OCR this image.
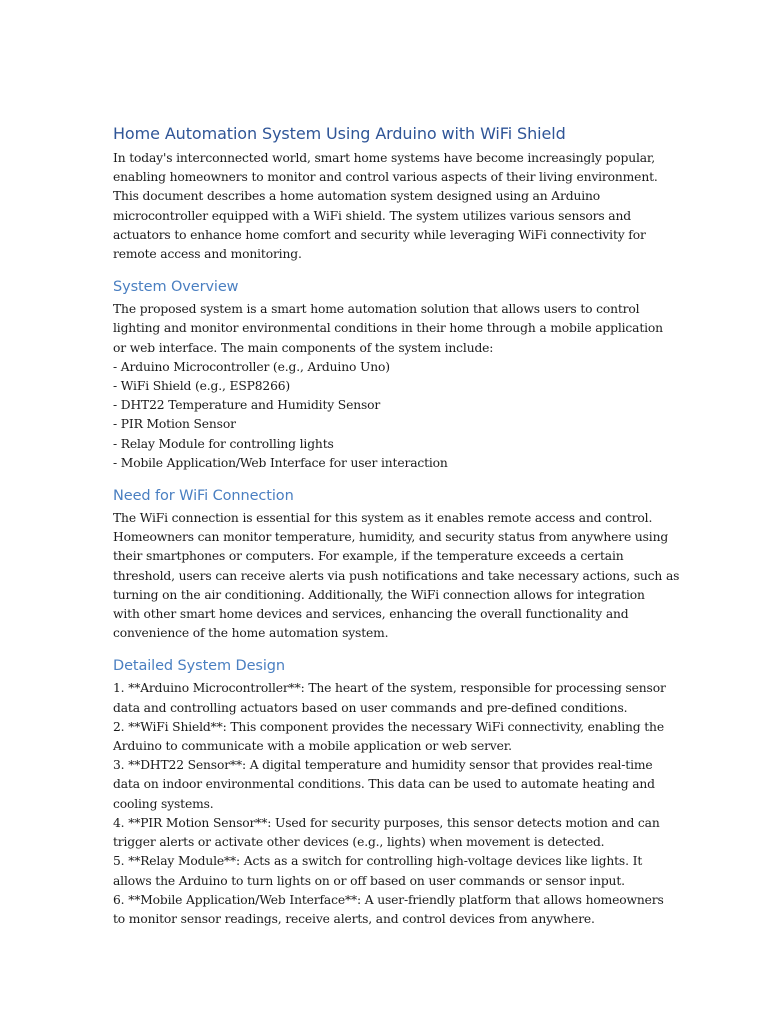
Home Automation System Using Arduino with WiFi Shield

In today's interconnected world, smart home systems have become increasingly popular,
enabling homeowners to monitor and control various aspects of their living environment.
This document describes a home automation system designed using an Arduino
microcontroller equipped with a WiFi shield. The system utilizes various sensors and
actuators to enhance home comfort and security while leveraging WiFi connectivity for
remote access and monitoring.

System Overview

The proposed system is a smart home automation solution that allows users to control
lighting and monitor environmental conditions in their home through a mobile application
or web interface. The main components of the system include:
- Arduino Microcontroller (e.g., Arduino Uno)
- WiFi Shield (e.g., ESP8266)
- DHT22 Temperature and Humidity Sensor
- PIR Motion Sensor
- Relay Module for controlling lights
- Mobile Application/Web Interface for user interaction

Need for WiFi Connection

The WiFi connection is essential for this system as it enables remote access and control.
Homeowners can monitor temperature, humidity, and security status from anywhere using
their smartphones or computers. For example, if the temperature exceeds a certain
threshold, users can receive alerts via push notifications and take necessary actions, such as
turning on the air conditioning. Additionally, the WiFi connection allows for integration
with other smart home devices and services, enhancing the overall functionality and
convenience of the home automation system.

Detailed System Design

1. **Arduino Microcontroller**: The heart of the system, responsible for processing sensor
data and controlling actuators based on user commands and pre-defined conditions.
2. **WiFi Shield**: This component provides the necessary WiFi connectivity, enabling the
Arduino to communicate with a mobile application or web server.
3. **DHT22 Sensor**: A digital temperature and humidity sensor that provides real-time
data on indoor environmental conditions. This data can be used to automate heating and
cooling systems.
4. **PIR Motion Sensor**: Used for security purposes, this sensor detects motion and can
trigger alerts or activate other devices (e.g., lights) when movement is detected.
5. **Relay Module**: Acts as a switch for controlling high-voltage devices like lights. It
allows the Arduino to turn lights on or off based on user commands or sensor input.
6. **Mobile Application/Web Interface**: A user-friendly platform that allows homeowners
to monitor sensor readings, receive alerts, and control devices from anywhere.
